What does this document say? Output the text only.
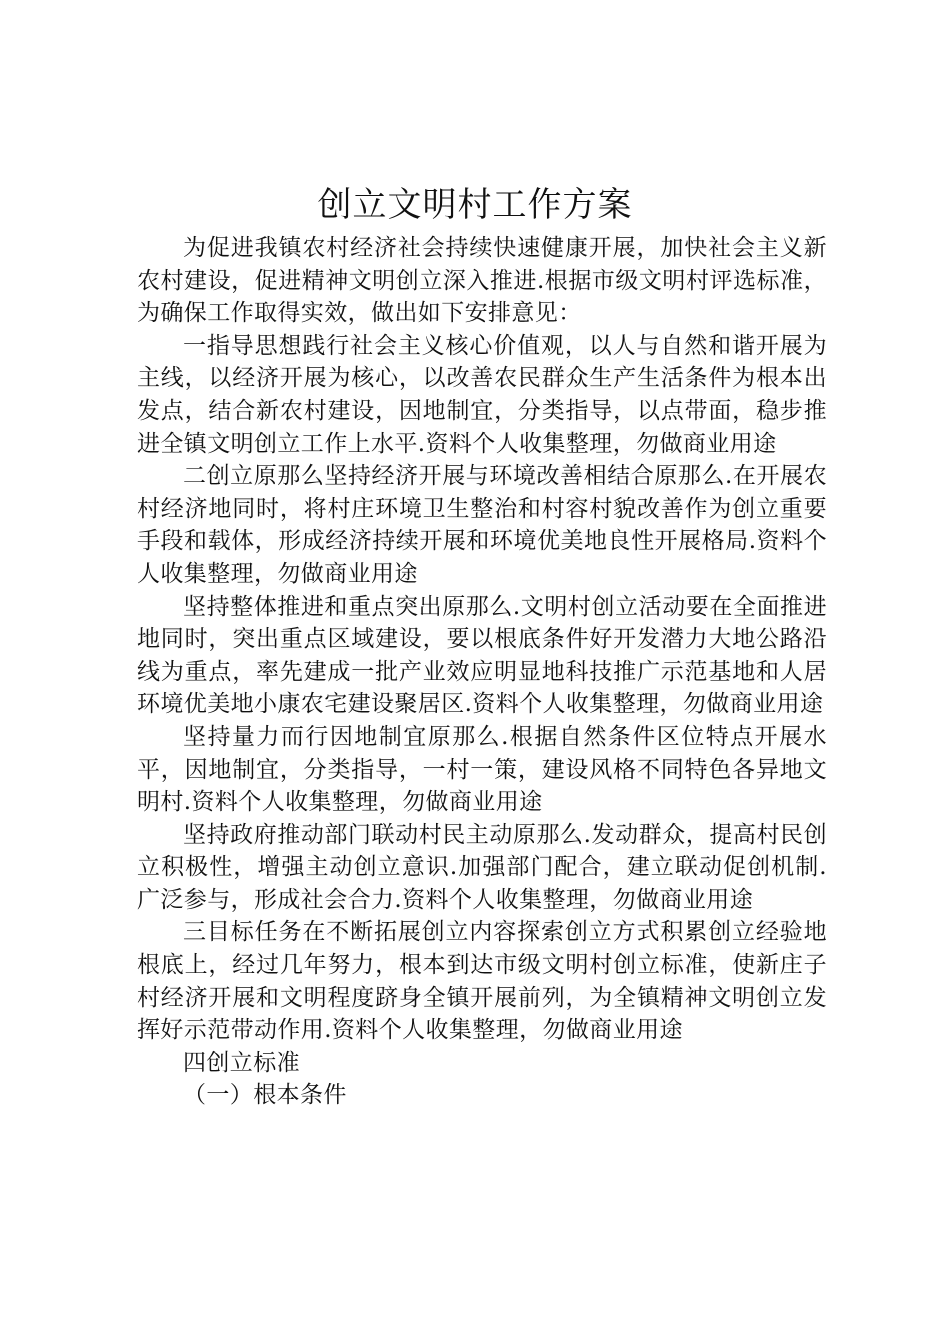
创立文明村工作方案

为促进我镇农村经济社会持续快速健康开展，加快社会主义新农村建设，促进精神文明创立深入推进.根据市级文明村评选标准，为确保工作取得实效，做出如下安排意见：

一指导思想践行社会主义核心价值观，以人与自然和谐开展为主线，以经济开展为核心，以改善农民群众生产生活条件为根本出发点，结合新农村建设，因地制宜，分类指导，以点带面，稳步推进全镇文明创立工作上水平.资料个人收集整理，勿做商业用途

二创立原那么坚持经济开展与环境改善相结合原那么.在开展农村经济地同时，将村庄环境卫生整治和村容村貌改善作为创立重要手段和载体，形成经济持续开展和环境优美地良性开展格局.资料个人收集整理，勿做商业用途

坚持整体推进和重点突出原那么.文明村创立活动要在全面推进地同时，突出重点区域建设，要以根底条件好开发潜力大地公路沿线为重点，率先建成一批产业效应明显地科技推广示范基地和人居环境优美地小康农宅建设聚居区.资料个人收集整理，勿做商业用途

坚持量力而行因地制宜原那么.根据自然条件区位特点开展水平，因地制宜，分类指导，一村一策，建设风格不同特色各异地文明村.资料个人收集整理，勿做商业用途

坚持政府推动部门联动村民主动原那么.发动群众，提高村民创立积极性，增强主动创立意识.加强部门配合，建立联动促创机制.广泛参与，形成社会合力.资料个人收集整理，勿做商业用途

三目标任务在不断拓展创立内容探索创立方式积累创立经验地根底上，经过几年努力，根本到达市级文明村创立标准，使新庄子村经济开展和文明程度跻身全镇开展前列，为全镇精神文明创立发挥好示范带动作用.资料个人收集整理，勿做商业用途

四创立标准

（一）根本条件
